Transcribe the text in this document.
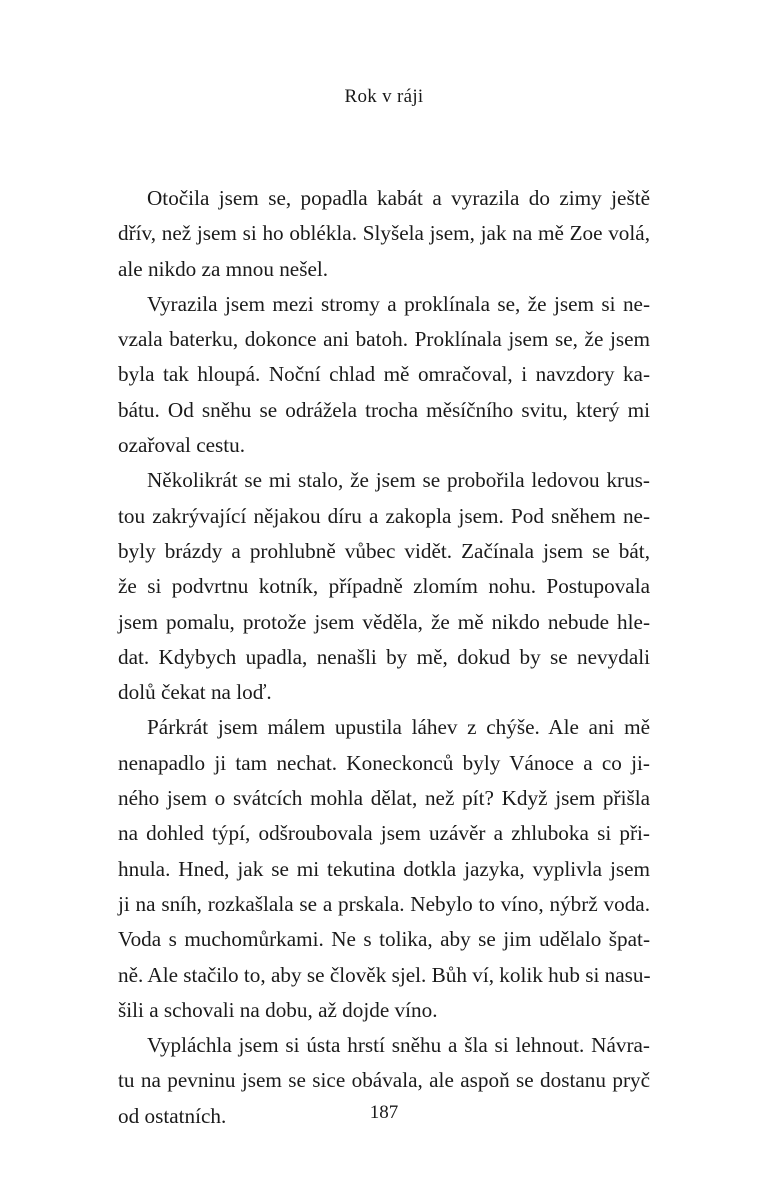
Rok v ráji
Otočila jsem se, popadla kabát a vyrazila do zimy ještě
dřív, než jsem si ho oblékla. Slyšela jsem, jak na mě Zoe volá,
ale nikdo za mnou nešel.
Vyrazila jsem mezi stromy a proklínala se, že jsem si ne-
vzala baterku, dokonce ani batoh. Proklínala jsem se, že jsem
byla tak hloupá. Noční chlad mě omračoval, i navzdory ka-
bátu. Od sněhu se odrážela trocha měsíčního svitu, který mi
ozařoval cestu.
Několikrát se mi stalo, že jsem se probořila ledovou krus-
tou zakrývající nějakou díru a zakopla jsem. Pod sněhem ne-
byly brázdy a prohlubně vůbec vidět. Začínala jsem se bát,
že si podvrtnu kotník, případně zlomím nohu. Postupovala
jsem pomalu, protože jsem věděla, že mě nikdo nebude hle-
dat. Kdybych upadla, nenašli by mě, dokud by se nevydali
dolů čekat na loď.
Párkrát jsem málem upustila láhev z chýše. Ale ani mě
nenapadlo ji tam nechat. Koneckonců byly Vánoce a co ji-
ného jsem o svátcích mohla dělat, než pít? Když jsem přišla
na dohled týpí, odšroubovala jsem uzávěr a zhluboka si při-
hnula. Hned, jak se mi tekutina dotkla jazyka, vyplivla jsem
ji na sníh, rozkašlala se a prskala. Nebylo to víno, nýbrž voda.
Voda s muchomůrkami. Ne s tolika, aby se jim udělalo špat-
ně. Ale stačilo to, aby se člověk sjel. Bůh ví, kolik hub si nasu-
šili a schovali na dobu, až dojde víno.
Vypláchla jsem si ústa hrstí sněhu a šla si lehnout. Návra-
tu na pevninu jsem se sice obávala, ale aspoň se dostanu pryč
od ostatních.	187
